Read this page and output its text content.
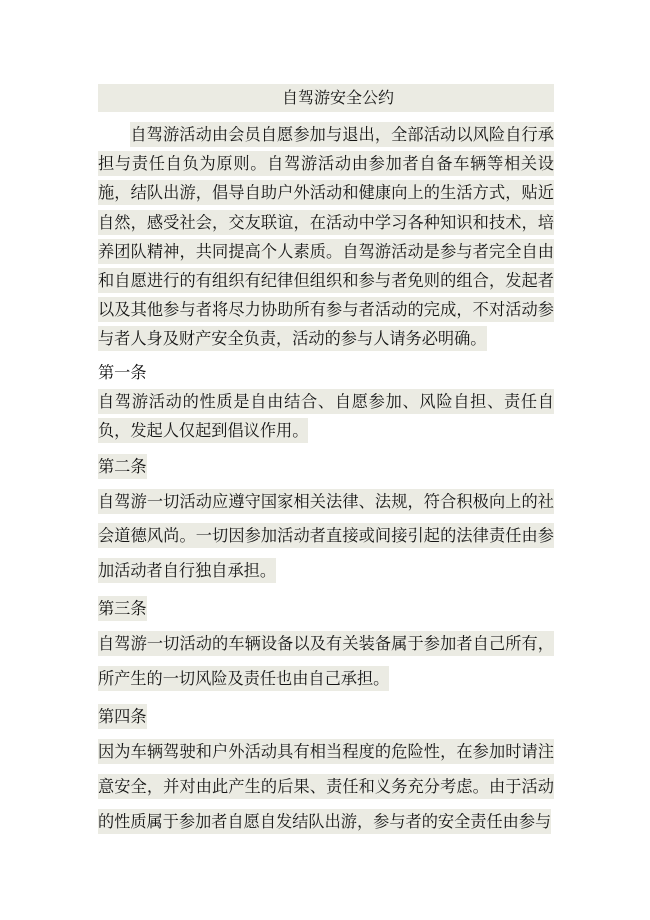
自驾游安全公约

自驾游活动由会员自愿参加与退出，全部活动以风险自行承担与责任自负为原则。自驾游活动由参加者自备车辆等相关设施，结队出游，倡导自助户外活动和健康向上的生活方式，贴近自然，感受社会，交友联谊，在活动中学习各种知识和技术，培养团队精神，共同提高个人素质。自驾游活动是参与者完全自由和自愿进行的有组织有纪律但组织和参与者免则的组合，发起者以及其他参与者将尽力协助所有参与者活动的完成，不对活动参与者人身及财产安全负责，活动的参与人请务必明确。

第一条

自驾游活动的性质是自由结合、自愿参加、风险自担、责任自负，发起人仅起到倡议作用。

第二条

自驾游一切活动应遵守国家相关法律、法规，符合积极向上的社会道德风尚。一切因参加活动者直接或间接引起的法律责任由参加活动者自行独自承担。

第三条

自驾游一切活动的车辆设备以及有关装备属于参加者自己所有，所产生的一切风险及责任也由自己承担。

第四条

因为车辆驾驶和户外活动具有相当程度的危险性，在参加时请注意安全，并对由此产生的后果、责任和义务充分考虑。由于活动的性质属于参加者自愿自发结队出游，参与者的安全责任由参与
